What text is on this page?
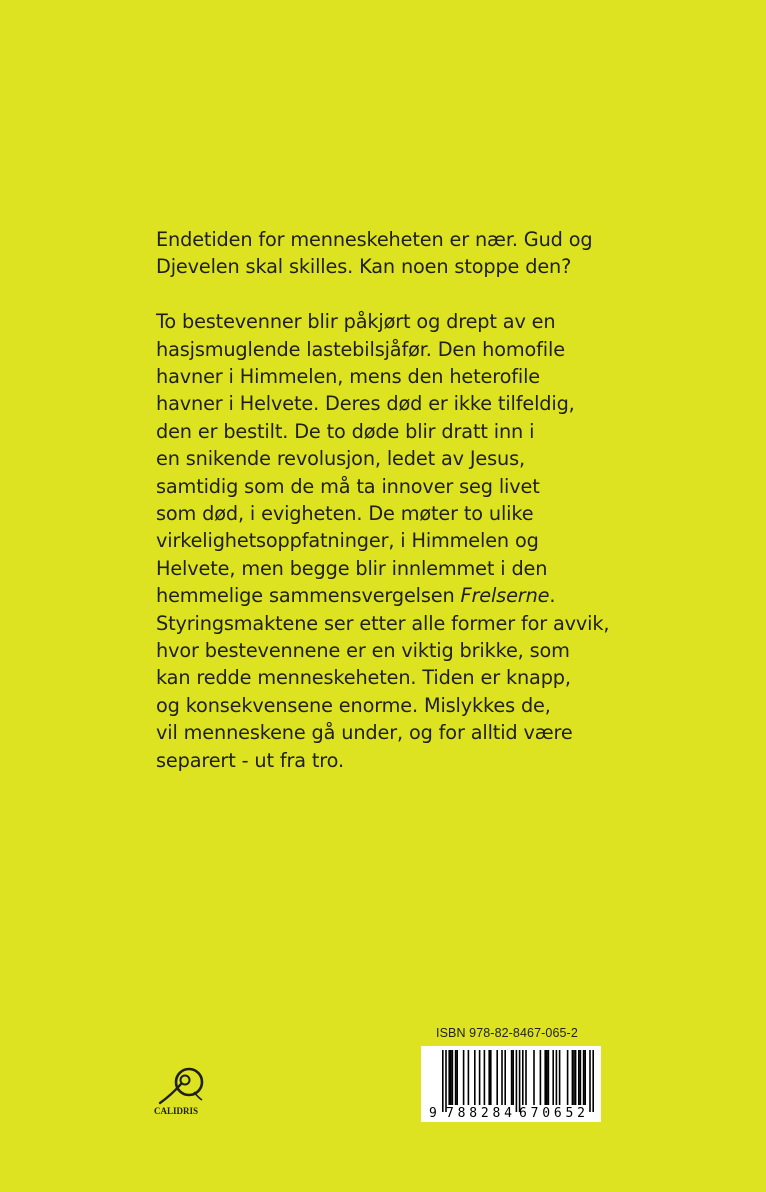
Endetiden for menneskeheten er nær. Gud og
Djevelen skal skilles. Kan noen stoppe den?

To bestevenner blir påkjørt og drept av en
hasjsmuglende lastebilsjåfør. Den homofile
havner i Himmelen, mens den heterofile
havner i Helvete. Deres død er ikke tilfeldig,
den er bestilt. De to døde blir dratt inn i
en snikende revolusjon, ledet av Jesus,
samtidig som de må ta innover seg livet
som død, i evigheten. De møter to ulike
virkelighetsoppfatninger, i Himmelen og
Helvete, men begge blir innlemmet i den
hemmelige sammensvergelsen Frelserne.
Styringsmaktene ser etter alle former for avvik,
hvor bestevennene er en viktig brikke, som
kan redde menneskeheten. Tiden er knapp,
og konsekvensene enorme. Mislykkes de,
vil menneskene gå under, og for alltid være
separert - ut fra tro.

CALIDRIS
ISBN 978-82-8467-065-2
9 788284 670652
